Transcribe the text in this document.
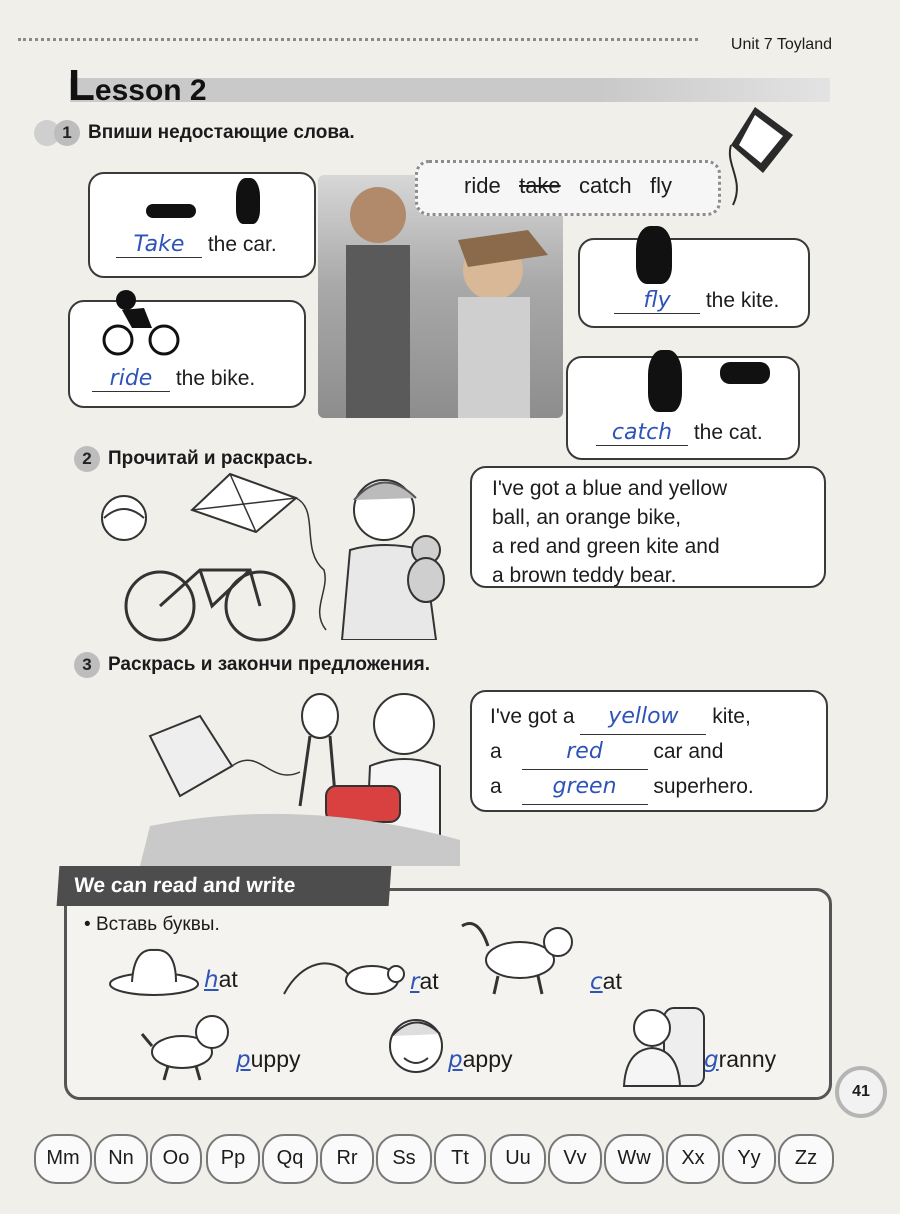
Unit 7 Toyland
Lesson 2
1 Впиши недостающие слова.
ride take catch fly
Take the car.
ride the bike.
fly the kite.
catch the cat.
2 Прочитай и раскрась.
I've got a blue and yellow
ball, an orange bike,
a red and green kite and
a brown teddy bear.
3 Раскрась и закончи предложения.
I've got a yellow kite,
a	red car and
a green superhero.
We can read and write
• Вставь буквы.
hat	rat	cat
puppy	pappy	granny
41
Mm	Nn	Oo	Pp	Qq	Rr	Ss	Tt	Uu	Vv	Ww	Xx	Yy	Zz
